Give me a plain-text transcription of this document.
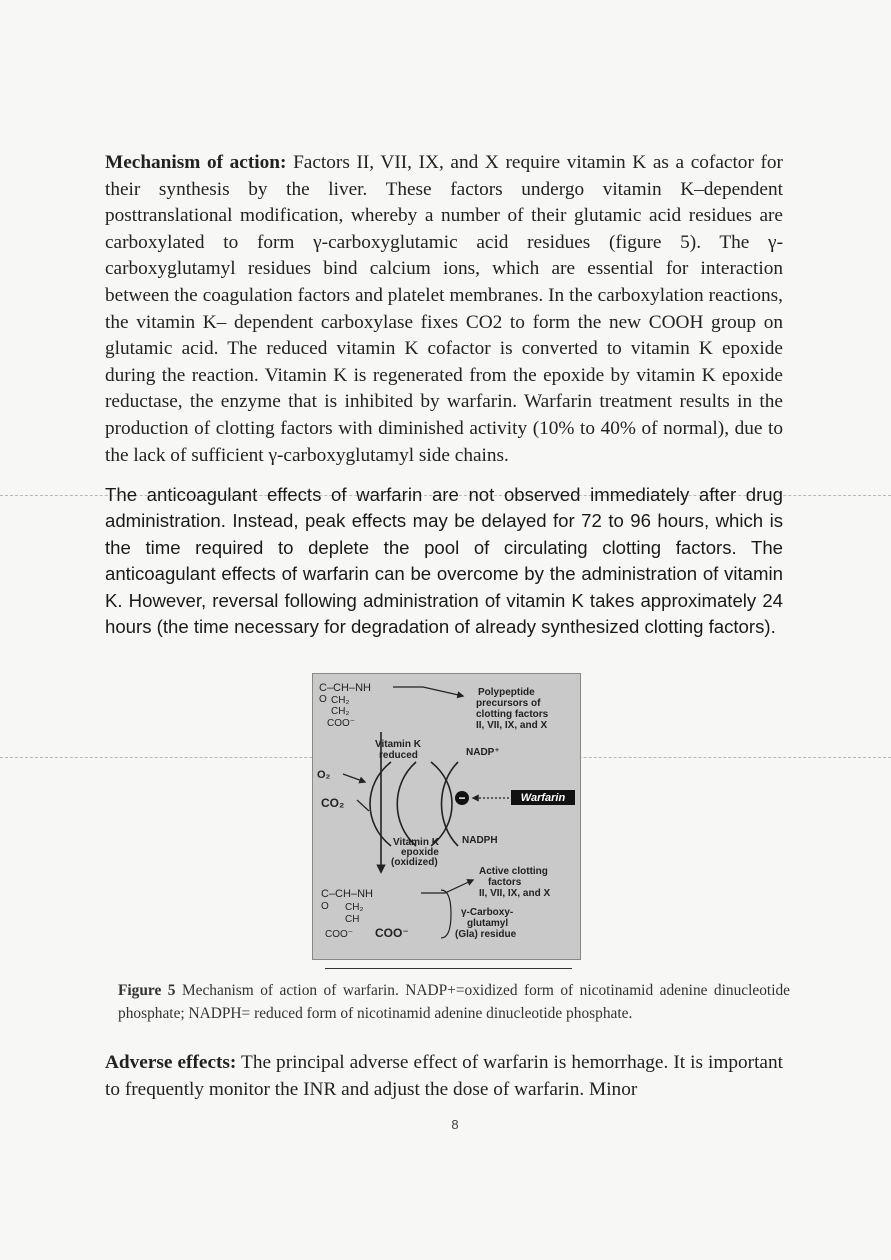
Mechanism of action: Factors II, VII, IX, and X require vitamin K as a cofactor for their synthesis by the liver. These factors undergo vitamin K–dependent posttranslational modification, whereby a number of their glutamic acid residues are carboxylated to form γ-carboxyglutamic acid residues (figure 5). The γ-carboxyglutamyl residues bind calcium ions, which are essential for interaction between the coagulation factors and platelet membranes. In the carboxylation reactions, the vitamin K– dependent carboxylase fixes CO2 to form the new COOH group on glutamic acid. The reduced vitamin K cofactor is converted to vitamin K epoxide during the reaction. Vitamin K is regenerated from the epoxide by vitamin K epoxide reductase, the enzyme that is inhibited by warfarin. Warfarin treatment results in the production of clotting factors with diminished activity (10% to 40% of normal), due to the lack of sufficient γ-carboxyglutamyl side chains.

The anticoagulant effects of warfarin are not observed immediately after drug administration. Instead, peak effects may be delayed for 72 to 96 hours, which is the time required to deplete the pool of circulating clotting factors. The anticoagulant effects of warfarin can be overcome by the administration of vitamin K. However, reversal following administration of vitamin K takes approximately 24 hours (the time necessary for degradation of already synthesized clotting factors).

C–CH–NH
O CH₂
CH₂
COO⁻
Polypeptide
precursors of
clotting factors
II, VII, IX, and X
Vitamin K
reduced	NADP⁺
O₂
CO₂	−	Warfarin
Vitamin K
epoxide
(oxidized)
NADPH
Active clotting
factors
II, VII, IX, and X
C–CH–NH
O CH₂
CH
COO⁻ COO⁻
γ-Carboxy-
glutamyl
(Gla) residue

Figure 5 Mechanism of action of warfarin. NADP+=oxidized form of nicotinamid adenine dinucleotide phosphate; NADPH= reduced form of nicotinamid adenine dinucleotide phosphate.

Adverse effects: The principal adverse effect of warfarin is hemorrhage. It is important to frequently monitor the INR and adjust the dose of warfarin. Minor

8
